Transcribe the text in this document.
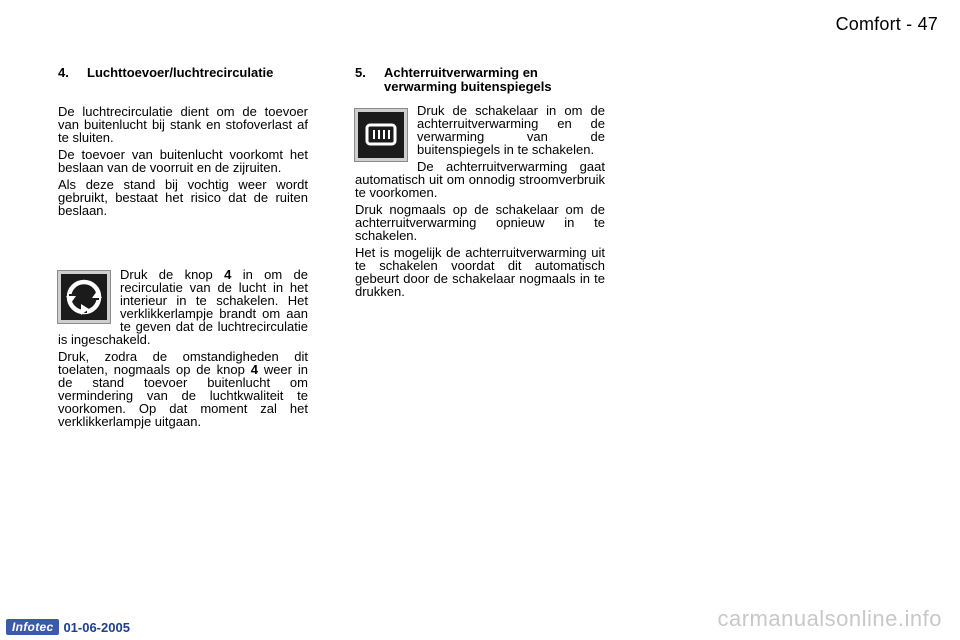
Comfort - 47
4.	Luchttoevoer/luchtrecirculatie

De luchtrecirculatie dient om de toevoer van buitenlucht bij stank en stofoverlast af te sluiten.

De toevoer van buitenlucht voorkomt het beslaan van de voorruit en de zijruiten.

Als deze stand bij vochtig weer wordt gebruikt, bestaat het risico dat de ruiten beslaan.

Druk de knop 4 in om de recirculatie van de lucht in het interieur in te schakelen. Het verklikkerlampje brandt om aan te geven dat de luchtrecirculatie is ingeschakeld.

Druk, zodra de omstandigheden dit toelaten, nogmaals op de knop 4 weer in de stand toevoer buitenlucht om vermindering van de luchtkwaliteit te voorkomen. Op dat moment zal het verklikkerlampje uitgaan.

5.	Achterruitverwarming en verwarming buitenspiegels

Druk de schakelaar in om de achterruitverwarming en de verwarming van de buitenspiegels in te schakelen.

De achterruitverwarming gaat automatisch uit om onnodig stroomverbruik te voorkomen.

Druk nogmaals op de schakelaar om de achterruitverwarming opnieuw in te schakelen.

Het is mogelijk de achterruitverwarming uit te schakelen voordat dit automatisch gebeurt door de schakelaar nogmaals in te drukken.

Infotec 01-06-2005	carmanualsonline.info
